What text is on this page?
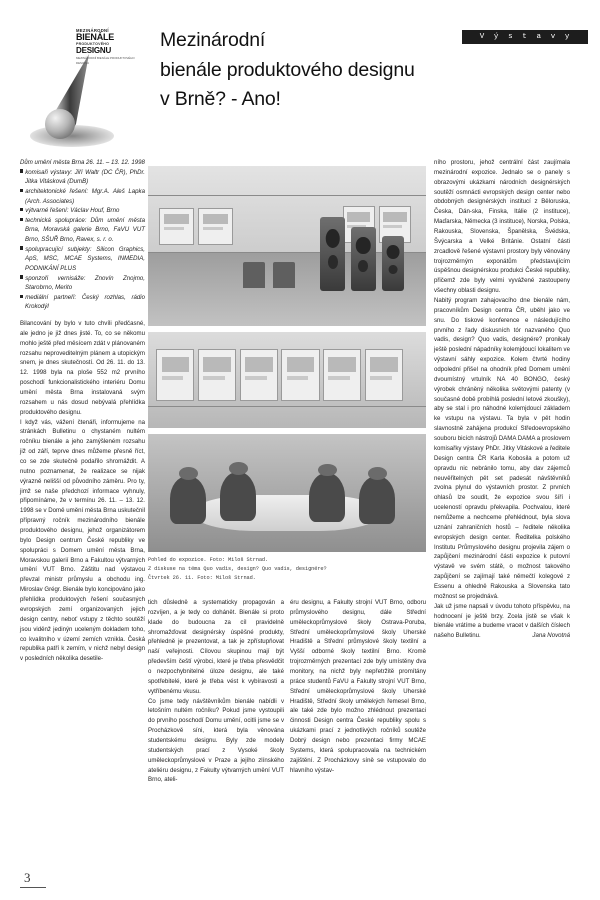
MEZINÁRODNÍ
BIENÁLE
PRODUKTOVÉHO
DESIGNU
MEZINÁRODNÍ BIENÁLE PRODUKTOVÉHO DESIGNU
Mezinárodní
bienále produktového designu
v Brně? - Ano!
V ý s t a v y

Dům umění města Brna 26. 11. – 13. 12. 1998

komisaři výstavy: Jiří Waltr (DC ČR), PhDr. Jitka Vitásková (DumB)

architektonické řešení: Mgr.A. Aleš Lapka (Arch. Associates)

výtvarné řešení: Václav Houf, Brno

technická spolupráce: Dům umění města Brna, Moravská galerie Brno, FaVU VUT Brno, SŠUŘ Brno, Ravex, s. r. o.

spolupracující subjekty: Silicon Graphics, ApS, MSC, MCAE Systems, INMEDIA, PODNIKÁNÍ PLUS

sponzoři vernisáže: Znovín Znojmo, Starobrno, Merito

mediální partneři: Český rozhlas, rádio Krokodýl

Bilancování by bylo v tuto chvíli předčasné, ale jedno je již dnes jisté. To, co se někomu mohlo ještě před měsícem zdát v plánovaném rozsahu neproveditelným plánem a utopickým snem, je dnes skutečností. Od 26. 11. do 13. 12. 1998 byla na ploše 552 m2 prvního poschodí funkcionalistického interiéru Domu umění města Brna instalovaná svým rozsahem u nás dosud nebývalá přehlídka produktového designu.

I když vás, vážení čtenáři, informujeme na stránkách Bulletinu o chystaném nultém ročníku bienále a jeho zamýšleném rozsahu již od září, teprve dnes můžeme přesně říct, co se zde skutečně podařilo shromáždit. A nutno poznamenat, že realizace se nijak výrazně nelišší od původního záměru. Pro ty, jimž se naše předchozí informace vyhnuly, připomínáme, že v termínu 26. 11. – 13. 12. 1998 se v Domě umění města Brna uskutečnil přípravný ročník mezinárodního bienále produktového designu, jehož organizátorem bylo Design centrum České republiky ve spolupráci s Domem umění města Brna, Moravskou galerií Brno a Fakultou výtvarných umění VUT Brno. Záštitu nad výstavou převzal ministr průmyslu a obchodu ing. Miroslav Grégr. Bienále bylo koncipováno jako přehlídka produktových řešení současných evropských zemí organizovaných jejich design centry, neboť vstupy z těchto soutěží jsou viděnž jedinýn uceleným dokladem toho, co kvalitního v území zemích vznikla. Česká republika patří k zemím, v nichž nebyl design v posledních několika desetile-

Pohled do expozice. Foto: Miloš Strnad.
Z diskuse na téma Quo vadis, design? Quo vadis, designére?
Čtvrtek 26. 11. Foto: Miloš Strnad.

tich důsledně a systematicky propagován a rozvíjen, a je tedy co dohánět. Bienále si proto klade do budoucna za cíl pravidelně shromažďovat designérsky úspěšné produkty, přehledně je prezentovat, a tak je zpřístupňovat naší veřejnosti. Cílovou skupinou mají být především čeští výrobci, které je třeba přesvědčit o nezpochybnitelné úloze designu, ale také spotřebitelé, které je třeba vést k vybíravosti a vytříbenému vkusu.

Co jsme tedy návštěvníkům bienále nabídli v letošním nultém ročníku? Pokud jsme vystoupili do prvního poschodí Domu umění, ocitli jsme se v Procházkově síni, která byla věnována studentskému designu. Byly zde modely studentských prací z Vysoké školy uměleckoprůmyslové v Praze a jejího zlínského ateliéru designu, z Fakulty výtvarných umění VUT Brno, ateli-

éru designu, a Fakulty strojní VUT Brno, odboru průmyslového designu, dále Střední uměleckoprůmyslové školy Ostrava-Poruba, Střední uměleckoprůmyslové školy Uherské Hradiště a Střední průmyslové školy textilní a Vyšší odborné školy textilní Brno. Kromě trojrozměrných prezentací zde byly umístěny dva monitory, na nichž byly nepřetržitě promítány práce studentů FaVU a Fakulty strojní VUT Brno, Střední uměleckoprůmyslové školy Uherské Hradiště, Střední školy umělekých řemesel Brno, ale také zde bylo možno zhlédnout prezentaci činnosti Design centra České republiky spolu s ukázkami prací z jednotlivých ročníků soutěže Dobrý design nebo prezentaci firmy MCAE Systems, která spolupracovala na technickém zajištění. Z Procházkovy síně se vstupovalo do hlavního výstav-

ního prostoru, jehož centrální část zaujímala mezinárodní expozice. Jednalo se o panely s obrazovými ukázkami národních designérských soutěží osmnácti evropských design center nebo obdobných designérských institucí z Běloruska, Česka, Dán-ska, Finska, Itálie (2 instituce), Maďarska, Německa (3 instituce), Norska, Polska, Rakouska, Slovenska, Španělska, Švédska, Švýcarska a Velké Británie. Ostatní části zrcadlově řešené výstavní prostory byly věnovány trojrozměrným exponátům představujícím úspěšnou designérskou produkci České republiky, přičemž zde byly velmi vyvážené zastoupeny všechny oblasti designu.

Nabitý program zahajovacího dne bienále nám, pracovníkům Design centra ČR, uběhl jako ve snu. Do tiskové konference e následujícího prvního z řady diskusních tór nazvaného Quo vadis, design? Quo vadis, designére? pronikaly ještě poslední nápadníky kolemjdoucí lokalitem ve výstavní sáhly expozice. Kolem čtvrté hodiny odpolední přišel na ohodník před Domem umění dvoumístný vrtulník NA 40 BONGO, český výrobek chráněný několika světovými patenty (v současné době probíhlá poslední letové zkoušky), aby se stal i pro náhodné kolemjdoucí základem ke vstupu na výstavu. Ta byla v pět hodin slavnostně zahájena produkcí Středoevropského souboru bicích nástrojů DAMA DAMA a proslovem komisařky výstavy PhDr. Jitky Vitáskové a ředitele Design centra ČR Karla Kobosila a potom už opravdu nic nebránilo tomu, aby dav zájemců neuvěřitelných pět set padesát návštěvníků zvolna plynul do výstavních prostor. Z prvních ohlasů lze soudit, že expozice svou šíří i uceleností opravdu překvapila. Pochvalou, které nemůžeme a nechceme přehlédnout, byla slova uznání zahraničních hostů – ředitele několika evropských design center. Ředitelka polského Institutu Průmyslového designu projevila zájem o zapůjčení mezinárodní části expozice k putovní výstavě ve svém státě, o možnost takového zapůjčení se zajímají také němečtí kolegové z Essenu a ohledně Rakouska a Slovenska tato možnost se projednává.

Jak už jsme napsali v úvodu tohoto příspěvku, na hodnocení je ještě brzy. Zcela jistě se však k bienále vrátíme a budeme vracet v dalších číslech našeho Bulletinu.	Jana Novotná

3
